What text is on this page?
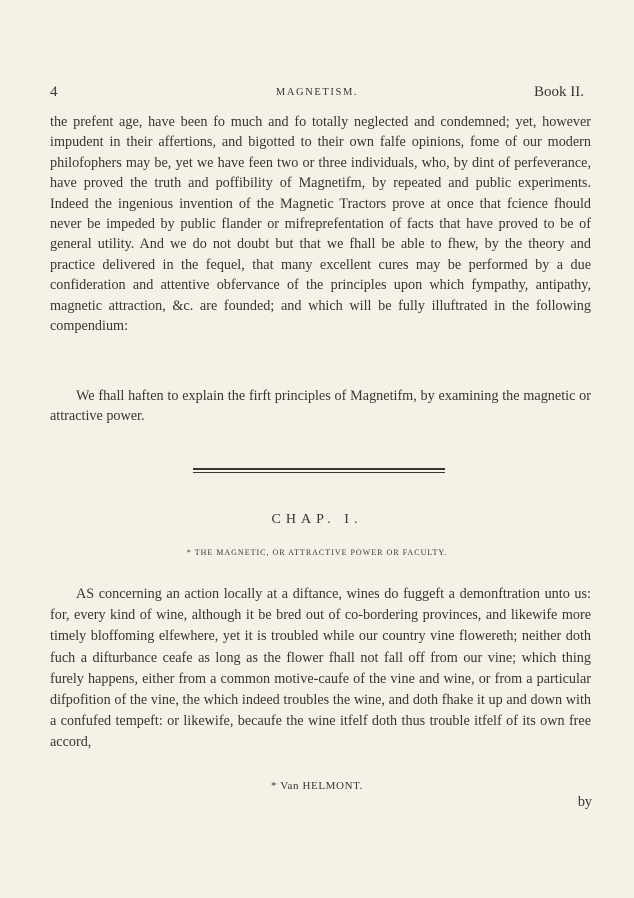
4	MAGNETISM.	Book II.

the prefent age, have been fo much and fo totally neglected and condemned; yet, however impudent in their affertions, and bigotted to their own falfe opinions, fome of our modern philofophers may be, yet we have feen two or three individuals, who, by dint of perfeverance, have proved the truth and poffibility of Magnetifm, by repeated and public experiments. Indeed the ingenious invention of the Magnetic Tractors prove at once that fcience fhould never be impeded by public flander or mifreprefentation of facts that have proved to be of general utility. And we do not doubt but that we fhall be able to fhew, by the theory and practice delivered in the fequel, that many excellent cures may be performed by a due confideration and attentive obfervance of the principles upon which fympathy, antipathy, magnetic attraction, &c. are founded; and which will be fully illuftrated in the following compendium:

We fhall haften to explain the firft principles of Magnetifm, by examining the magnetic or attractive power.

CHAP. I.
* THE MAGNETIC, OR ATTRACTIVE POWER OR FACULTY.

AS concerning an action locally at a diftance, wines do fuggeft a demonftration unto us: for, every kind of wine, although it be bred out of co-bordering provinces, and likewife more timely bloffoming elfewhere, yet it is troubled while our country vine flowereth; neither doth fuch a difturbance ceafe as long as the flower fhall not fall off from our vine; which thing furely happens, either from a common motive-caufe of the vine and wine, or from a particular difpofition of the vine, the which indeed troubles the wine, and doth fhake it up and down with a confufed tempeft: or likewife, becaufe the wine itfelf doth thus trouble itfelf of its own free accord,

* Van HELMONT.
by
